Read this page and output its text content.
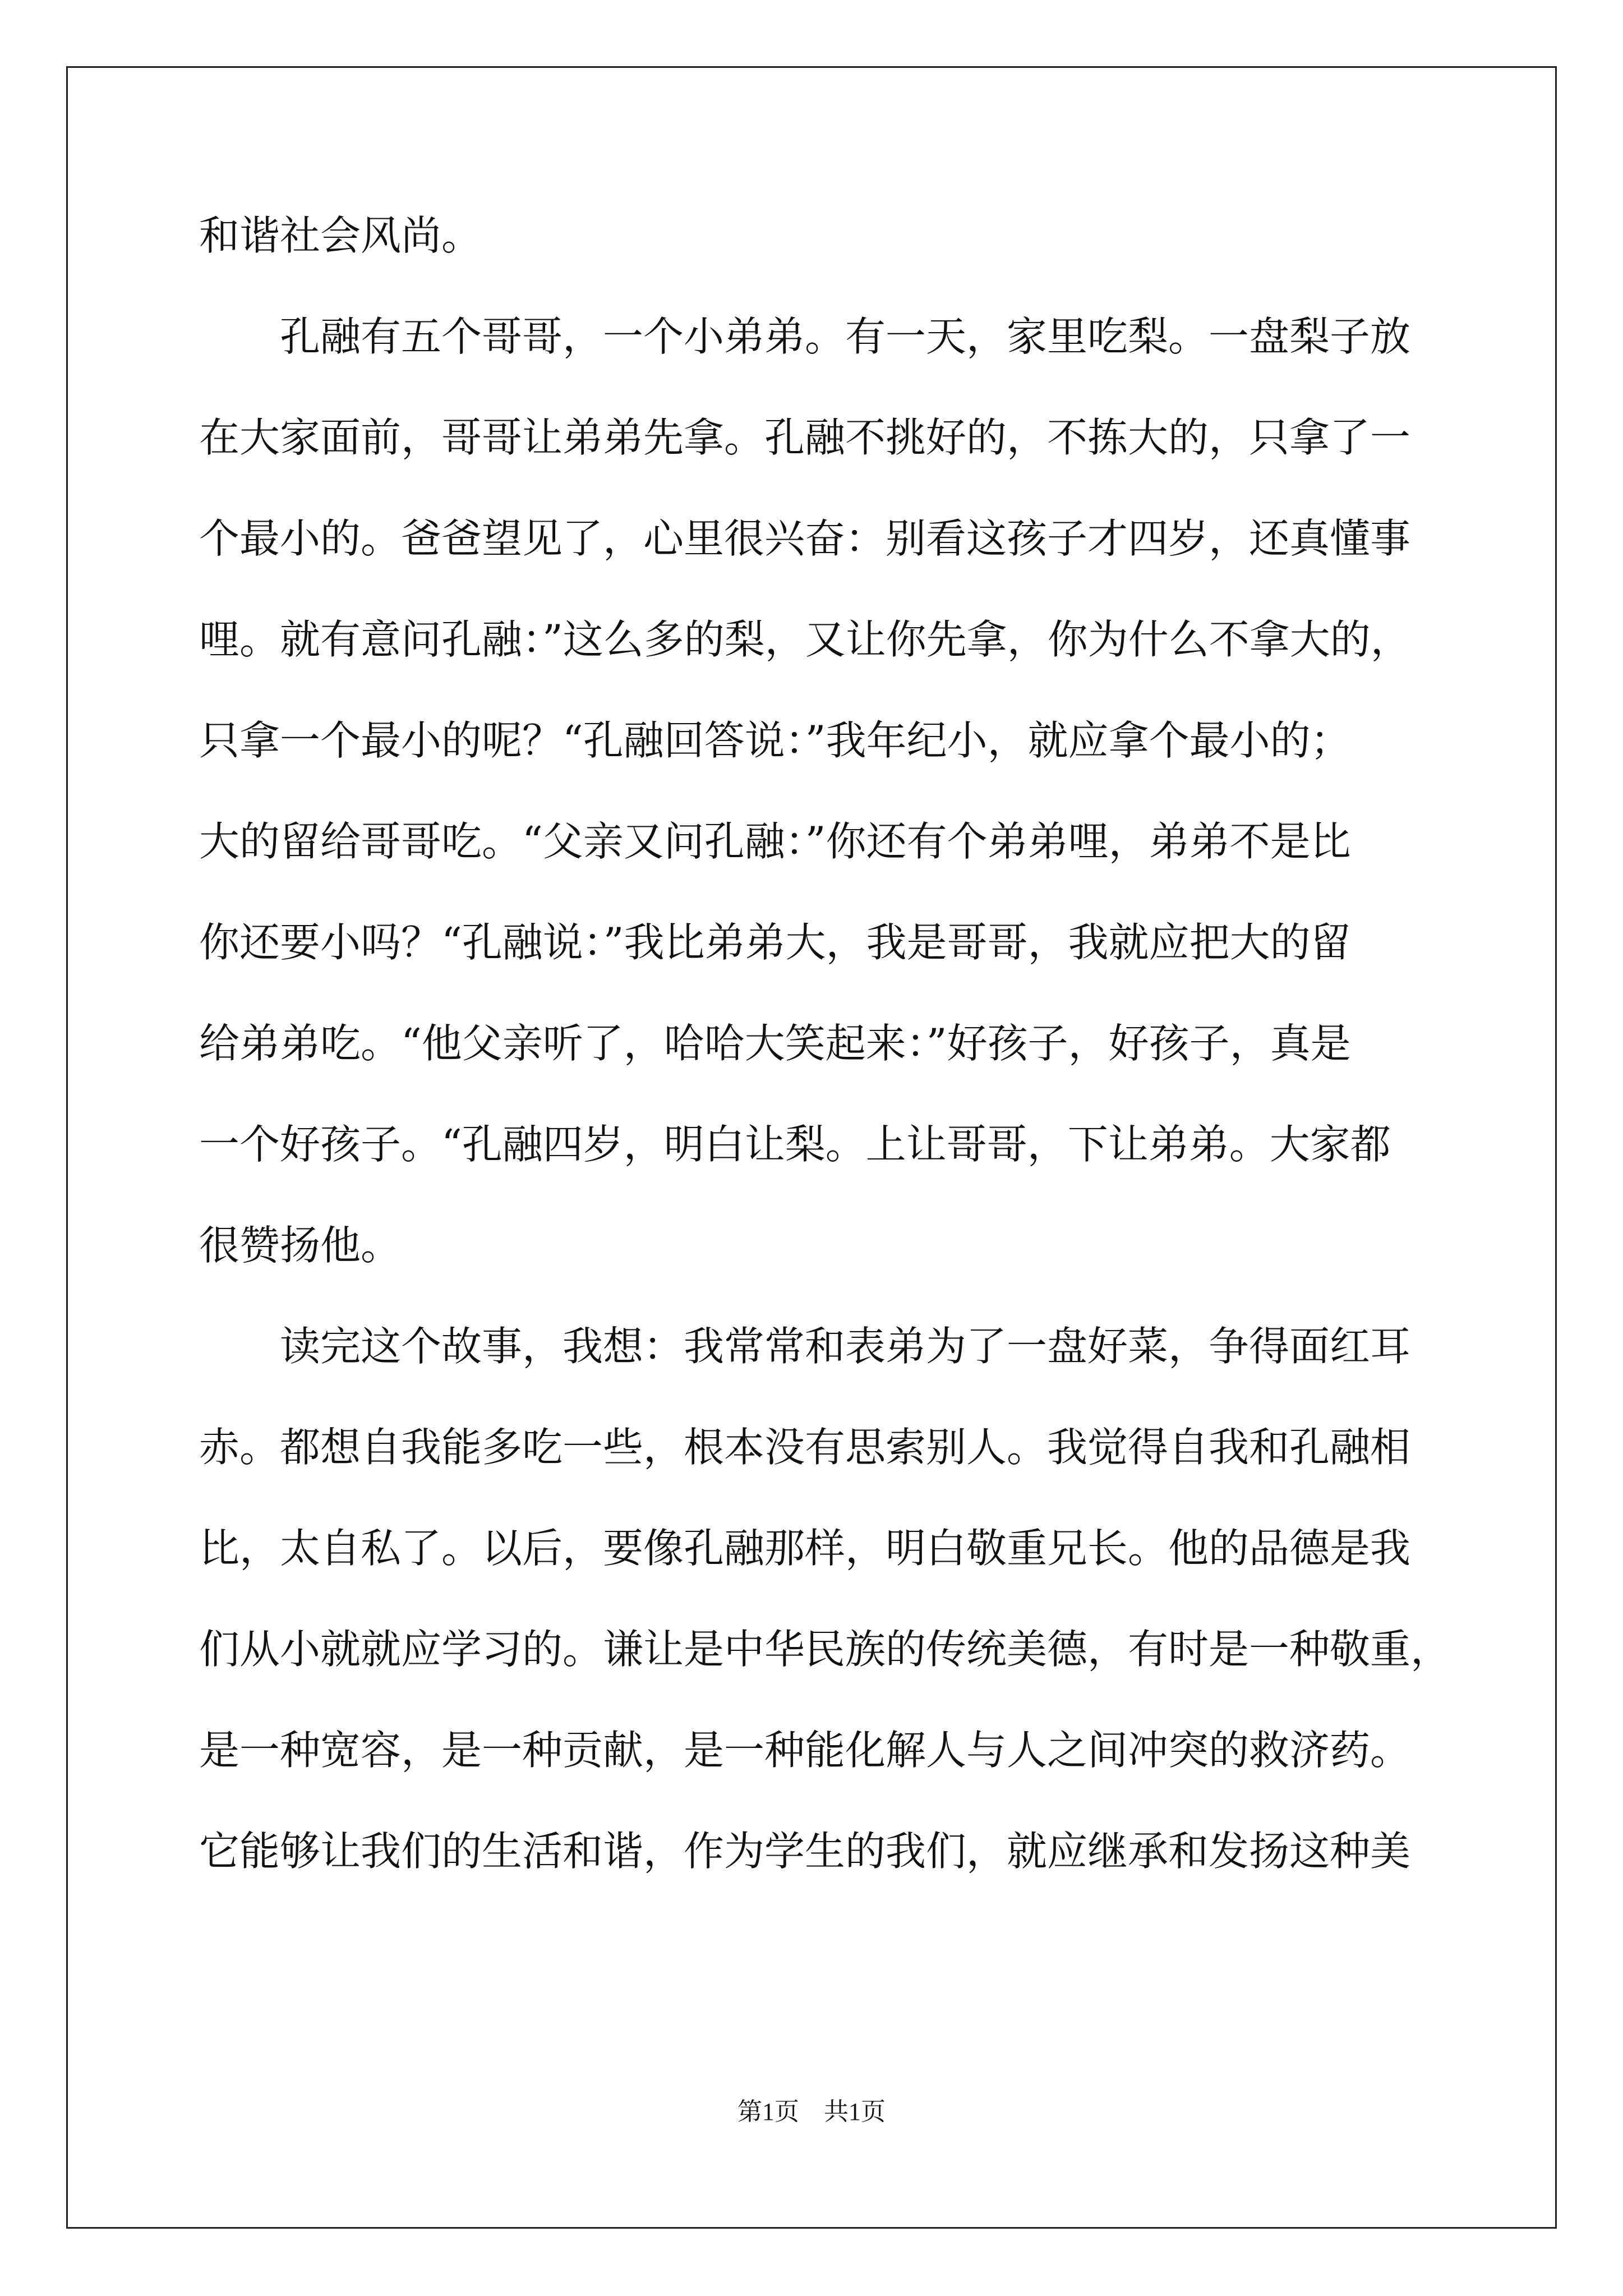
和谐社会风尚。
　　孔融有五个哥哥，一个小弟弟。有一天，家里吃梨。一盘梨子放
在大家面前，哥哥让弟弟先拿。孔融不挑好的，不拣大的，只拿了一
个最小的。爸爸望见了，心里很兴奋：别看这孩子才四岁，还真懂事
哩。就有意问孔融：”这么多的梨，又让你先拿，你为什么不拿大的，
只拿一个最小的呢？“孔融回答说：”我年纪小，就应拿个最小的；
大的留给哥哥吃。“父亲又问孔融：”你还有个弟弟哩，弟弟不是比
你还要小吗？“孔融说：”我比弟弟大，我是哥哥，我就应把大的留
给弟弟吃。“他父亲听了，哈哈大笑起来：”好孩子，好孩子，真是
一个好孩子。“孔融四岁，明白让梨。上让哥哥，下让弟弟。大家都
很赞扬他。
　　读完这个故事，我想：我常常和表弟为了一盘好菜，争得面红耳
赤。都想自我能多吃一些，根本没有思索别人。我觉得自我和孔融相
比，太自私了。以后，要像孔融那样，明白敬重兄长。他的品德是我
们从小就就应学习的。谦让是中华民族的传统美德，有时是一种敬重，
是一种宽容，是一种贡献，是一种能化解人与人之间冲突的救济药。
它能够让我们的生活和谐，作为学生的我们，就应继承和发扬这种美
第1页　共1页
